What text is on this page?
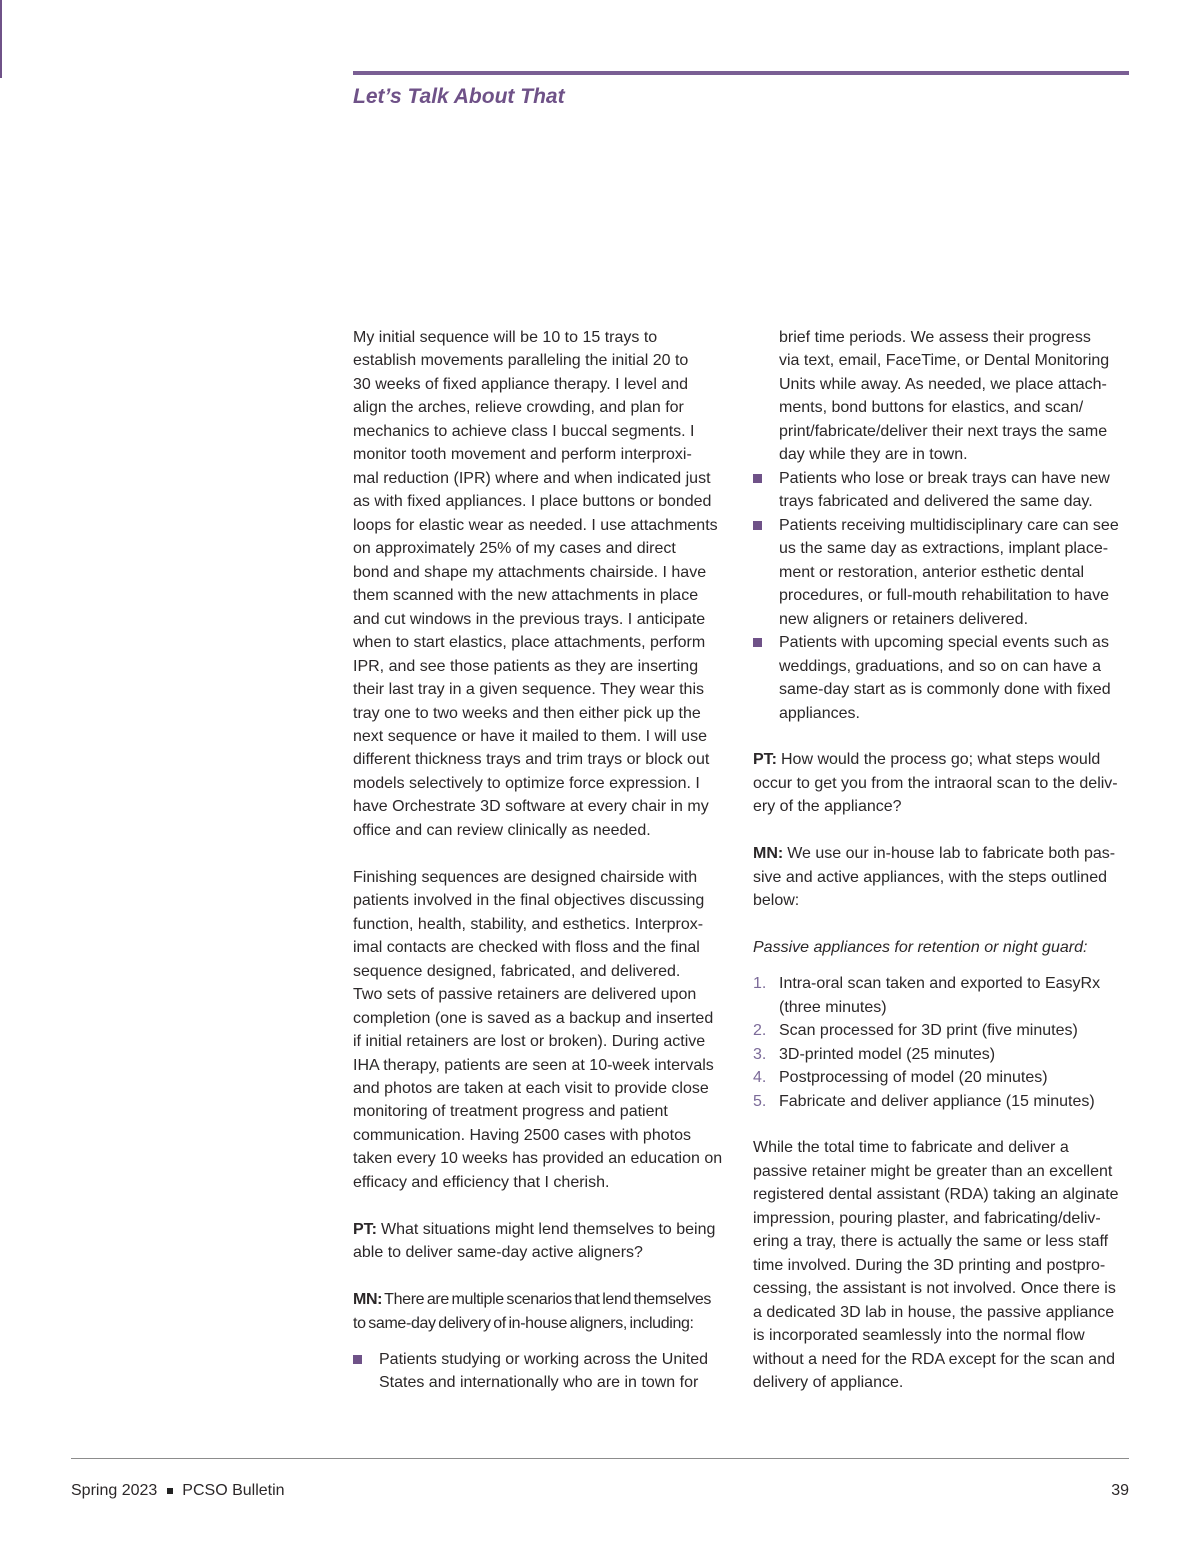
Let’s Talk About That
My initial sequence will be 10 to 15 trays to
establish movements paralleling the initial 20 to
30 weeks of fixed appliance therapy. I level and
align the arches, relieve crowding, and plan for
mechanics to achieve class I buccal segments. I
monitor tooth movement and perform interproxi-
mal reduction (IPR) where and when indicated just
as with fixed appliances. I place buttons or bonded
loops for elastic wear as needed. I use attachments
on approximately 25% of my cases and direct
bond and shape my attachments chairside. I have
them scanned with the new attachments in place
and cut windows in the previous trays. I anticipate
when to start elastics, place attachments, perform
IPR, and see those patients as they are inserting
their last tray in a given sequence. They wear this
tray one to two weeks and then either pick up the
next sequence or have it mailed to them. I will use
different thickness trays and trim trays or block out
models selectively to optimize force expression. I
have Orchestrate 3D software at every chair in my
office and can review clinically as needed.
Finishing sequences are designed chairside with
patients involved in the final objectives discussing
function, health, stability, and esthetics. Interprox-
imal contacts are checked with floss and the final
sequence designed, fabricated, and delivered.
Two sets of passive retainers are delivered upon
completion (one is saved as a backup and inserted
if initial retainers are lost or broken). During active
IHA therapy, patients are seen at 10-week intervals
and photos are taken at each visit to provide close
monitoring of treatment progress and patient
communication. Having 2500 cases with photos
taken every 10 weeks has provided an education on
efficacy and efficiency that I cherish.
PT: What situations might lend themselves to being
able to deliver same-day active aligners?
MN: There are multiple scenarios that lend themselves
to same-day delivery of in-house aligners, including:
Patients studying or working across the United
States and internationally who are in town for
brief time periods. We assess their progress
via text, email, FaceTime, or Dental Monitoring
Units while away. As needed, we place attach-
ments, bond buttons for elastics, and scan/
print/fabricate/deliver their next trays the same
day while they are in town.
Patients who lose or break trays can have new
trays fabricated and delivered the same day.
Patients receiving multidisciplinary care can see
us the same day as extractions, implant place-
ment or restoration, anterior esthetic dental
procedures, or full-mouth rehabilitation to have
new aligners or retainers delivered.
Patients with upcoming special events such as
weddings, graduations, and so on can have a
same-day start as is commonly done with fixed
appliances.
PT: How would the process go; what steps would
occur to get you from the intraoral scan to the deliv-
ery of the appliance?
MN: We use our in-house lab to fabricate both pas-
sive and active appliances, with the steps outlined
below:
Passive appliances for retention or night guard:
1. Intra-oral scan taken and exported to EasyRx
(three minutes)
2. Scan processed for 3D print (five minutes)
3. 3D-printed model (25 minutes)
4. Postprocessing of model (20 minutes)
5. Fabricate and deliver appliance (15 minutes)
While the total time to fabricate and deliver a
passive retainer might be greater than an excellent
registered dental assistant (RDA) taking an alginate
impression, pouring plaster, and fabricating/deliv-
ering a tray, there is actually the same or less staff
time involved. During the 3D printing and postpro-
cessing, the assistant is not involved. Once there is
a dedicated 3D lab in house, the passive appliance
is incorporated seamlessly into the normal flow
without a need for the RDA except for the scan and
delivery of appliance.
Spring 2023 PCSO Bulletin	39
